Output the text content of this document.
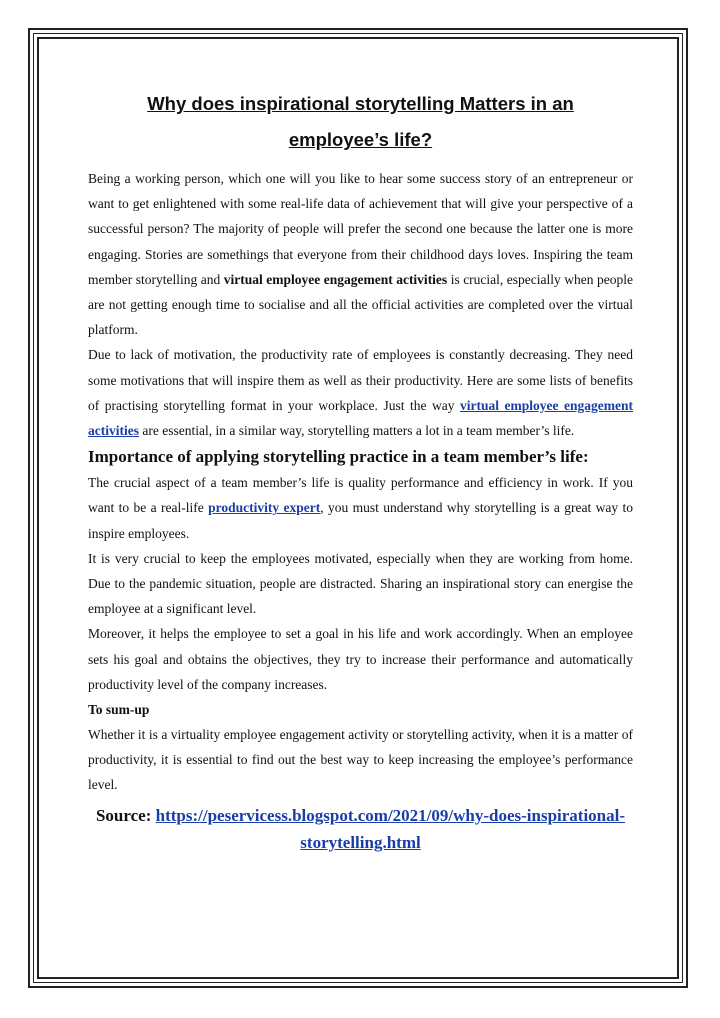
Why does inspirational storytelling Matters in an
employee’s life?

Being a working person, which one will you like to hear some success story of an entrepreneur or want to get enlightened with some real-life data of achievement that will give your perspective of a successful person? The majority of people will prefer the second one because the latter one is more engaging. Stories are somethings that everyone from their childhood days loves. Inspiring the team member storytelling and virtual employee engagement activities is crucial, especially when people are not getting enough time to socialise and all the official activities are completed over the virtual platform.

Due to lack of motivation, the productivity rate of employees is constantly decreasing. They need some motivations that will inspire them as well as their productivity. Here are some lists of benefits of practising storytelling format in your workplace. Just the way virtual employee engagement activities are essential, in a similar way, storytelling matters a lot in a team member’s life.

Importance of applying storytelling practice in a team member’s life:

The crucial aspect of a team member’s life is quality performance and efficiency in work. If you want to be a real-life productivity expert, you must understand why storytelling is a great way to inspire employees.

It is very crucial to keep the employees motivated, especially when they are working from home. Due to the pandemic situation, people are distracted. Sharing an inspirational story can energise the employee at a significant level.

Moreover, it helps the employee to set a goal in his life and work accordingly. When an employee sets his goal and obtains the objectives, they try to increase their performance and automatically productivity level of the company increases.

To sum-up

Whether it is a virtuality employee engagement activity or storytelling activity, when it is a matter of productivity, it is essential to find out the best way to keep increasing the employee’s performance level.

Source: https://peservicess.blogspot.com/2021/09/why-does-inspirational-storytelling.html
